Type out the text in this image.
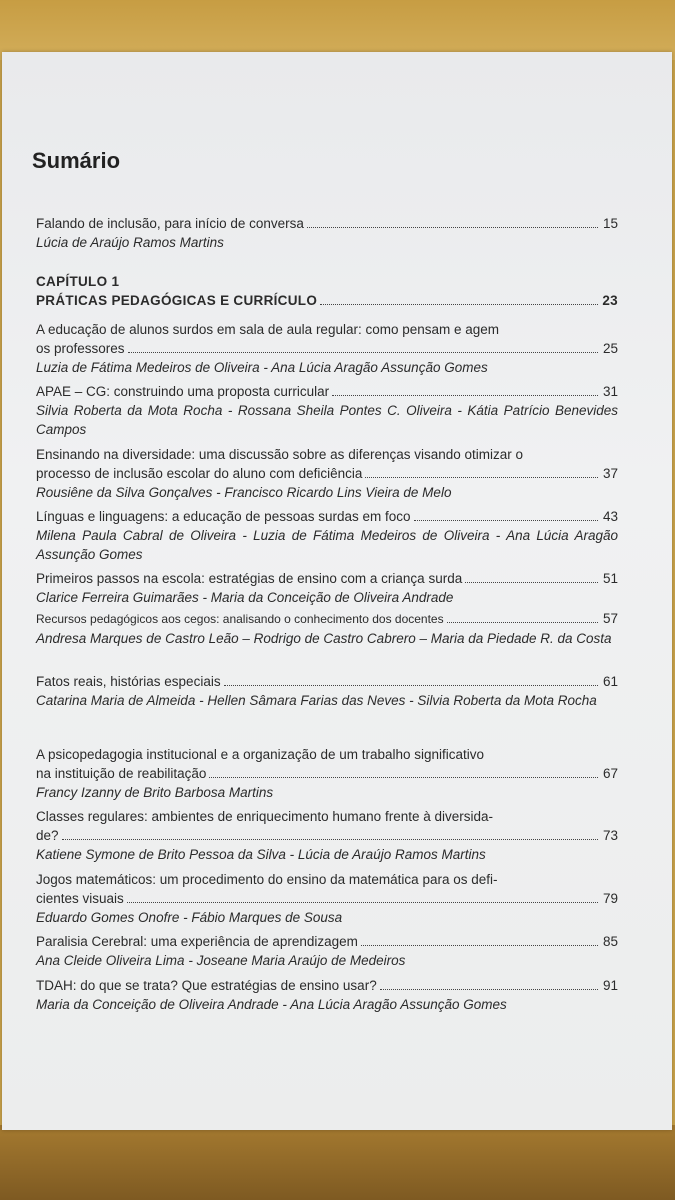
Sumário
Falando de inclusão, para início de conversa	15
Lúcia de Araújo Ramos Martins
CAPÍTULO 1
PRÁTICAS PEDAGÓGICAS E CURRÍCULO	23
A educação de alunos surdos em sala de aula regular: como pensam e agem
os professores	25
Luzia de Fátima Medeiros de Oliveira - Ana Lúcia Aragão Assunção Gomes
APAE – CG: construindo uma proposta curricular	31
Silvia Roberta da Mota Rocha - Rossana Sheila Pontes C. Oliveira - Kátia Patrício Benevides Campos
Ensinando na diversidade: uma discussão sobre as diferenças visando otimizar o
processo de inclusão escolar do aluno com deficiência	37
Rousiêne da Silva Gonçalves - Francisco Ricardo Lins Vieira de Melo
Línguas e linguagens: a educação de pessoas surdas em foco	43
Milena Paula Cabral de Oliveira - Luzia de Fátima Medeiros de Oliveira - Ana Lúcia Aragão Assunção Gomes
Primeiros passos na escola: estratégias de ensino com a criança surda	51
Clarice Ferreira Guimarães - Maria da Conceição de Oliveira Andrade
Recursos pedagógicos aos cegos: analisando o conhecimento dos docentes	57
Andresa Marques de Castro Leão – Rodrigo de Castro Cabrero – Maria da Piedade R. da Costa
Fatos reais, histórias especiais	61
Catarina Maria de Almeida - Hellen Sâmara Farias das Neves - Silvia Roberta da Mota Rocha
A psicopedagogia institucional e a organização de um trabalho significativo
na instituição de reabilitação	67
Francy Izanny de Brito Barbosa Martins
Classes regulares: ambientes de enriquecimento humano frente à diversida-
de?	73
Katiene Symone de Brito Pessoa da Silva - Lúcia de Araújo Ramos Martins
Jogos matemáticos: um procedimento do ensino da matemática para os defi-
cientes visuais	79
Eduardo Gomes Onofre - Fábio Marques de Sousa
Paralisia Cerebral: uma experiência de aprendizagem	85
Ana Cleide Oliveira Lima - Joseane Maria Araújo de Medeiros
TDAH: do que se trata? Que estratégias de ensino usar?	91
Maria da Conceição de Oliveira Andrade - Ana Lúcia Aragão Assunção Gomes
